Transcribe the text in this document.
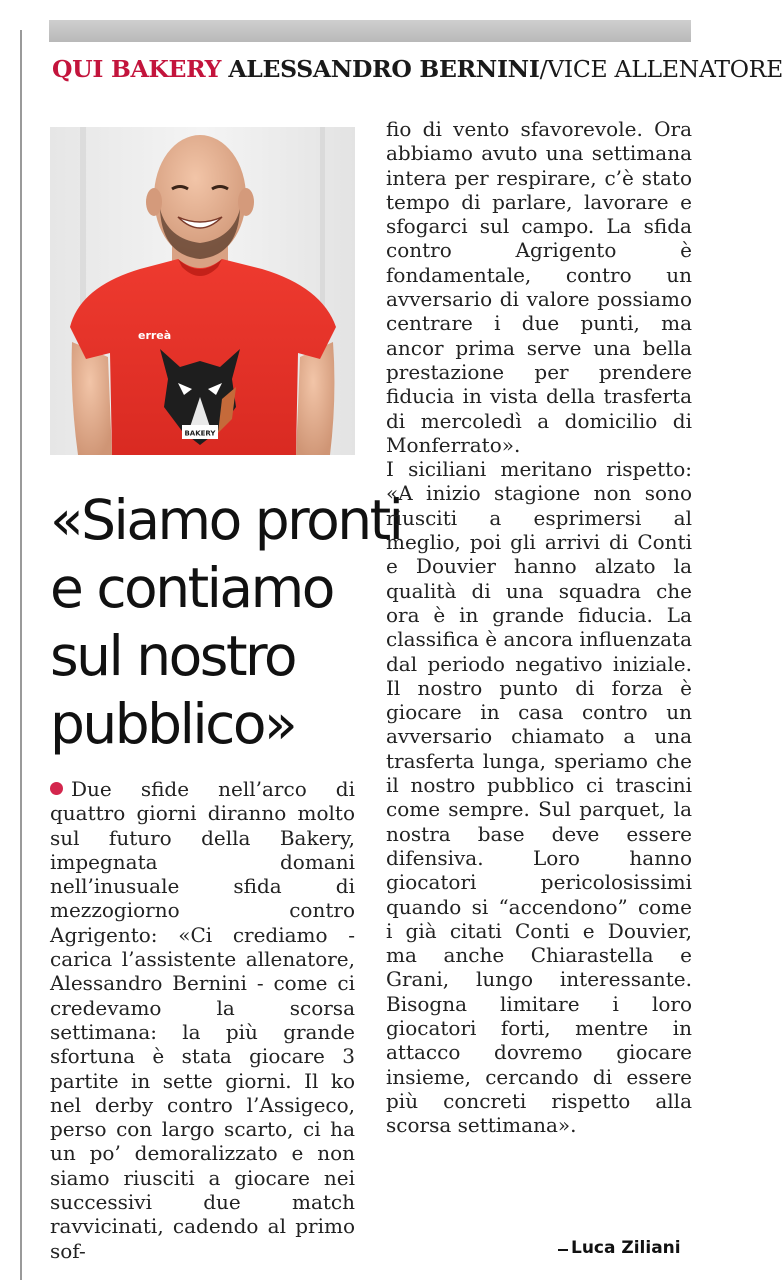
QUI BAKERY ALESSANDRO BERNINI/VICE ALLENATORE
erreà
BAKERY
«Siamo pronti
e contiamo
sul nostro
pubblico»

Due sfide nell’arco di quattro giorni diranno molto sul futuro della Bakery, impegnata domani nell’inusuale sfida di mezzogiorno contro Agrigento: «Ci crediamo - carica l’assistente allenatore, Alessandro Bernini - come ci credevamo la scorsa settimana: la più grande sfortuna è stata giocare 3 partite in sette giorni. Il ko nel derby contro l’Assigeco, perso con largo scarto, ci ha un po’ demoralizzato e non siamo riusciti a giocare nei successivi due match ravvicinati, cadendo al primo sof-

fio di vento sfavorevole. Ora abbiamo avuto una settimana intera per respirare, c’è stato tempo di parlare, lavorare e sfogarci sul campo. La sfida contro Agrigento è fondamentale, contro un avversario di valore possiamo centrare i due punti, ma ancor prima serve una bella prestazione per prendere fiducia in vista della trasferta di mercoledì a domicilio di Monferrato».

I siciliani meritano rispetto: «A inizio stagione non sono riusciti a esprimersi al meglio, poi gli arrivi di Conti e Douvier hanno alzato la qualità di una squadra che ora è in grande fiducia. La classifica è ancora influenzata dal periodo negativo iniziale. Il nostro punto di forza è giocare in casa contro un avversario chiamato a una trasferta lunga, speriamo che il nostro pubblico ci trascini come sempre. Sul parquet, la nostra base deve essere difensiva. Loro hanno giocatori pericolosissimi quando si “accendono” come i già citati Conti e Douvier, ma anche Chiarastella e Grani, lungo interessante. Bisogna limitare i loro giocatori forti, mentre in attacco dovremo giocare insieme, cercando di essere più concreti rispetto alla scorsa settimana».

Luca Ziliani
